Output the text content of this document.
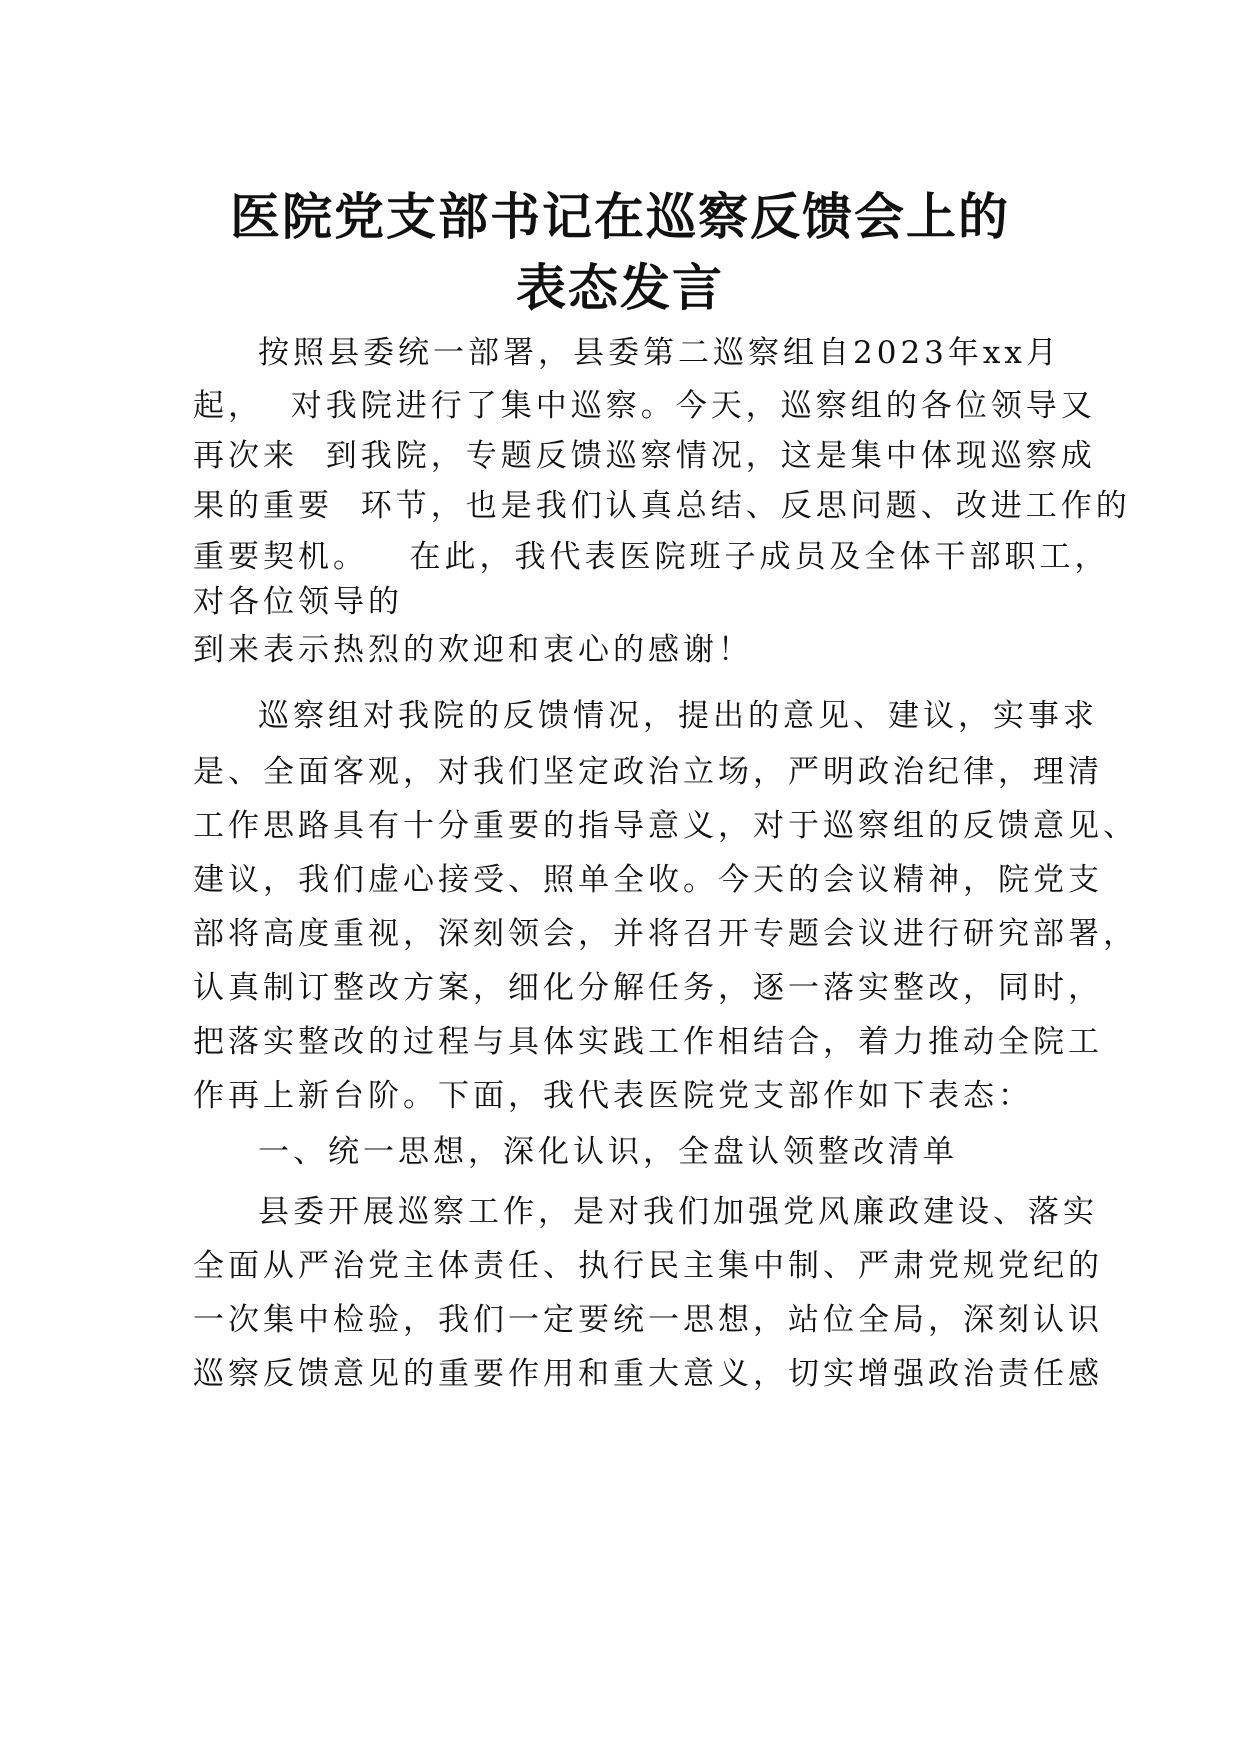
医院党支部书记在巡察反馈会上的
表态发言
按照县委统一部署，县委第二巡察组自2023年xx月
起，  对我院进行了集中巡察。今天，巡察组的各位领导又
再次来  到我院，专题反馈巡察情况，这是集中体现巡察成
果的重要  环节，也是我们认真总结、反思问题、改进工作的
重要契机。   在此，我代表医院班子成员及全体干部职工，
对各位领导的
到来表示热烈的欢迎和衷心的感谢！
巡察组对我院的反馈情况，提出的意见、建议，实事求
是、全面客观，对我们坚定政治立场，严明政治纪律，理清
工作思路具有十分重要的指导意义，对于巡察组的反馈意见、
建议，我们虚心接受、照单全收。今天的会议精神，院党支
部将高度重视，深刻领会，并将召开专题会议进行研究部署，
认真制订整改方案，细化分解任务，逐一落实整改，同时，
把落实整改的过程与具体实践工作相结合，着力推动全院工
作再上新台阶。下面，我代表医院党支部作如下表态：
一、统一思想，深化认识，全盘认领整改清单
县委开展巡察工作，是对我们加强党风廉政建设、落实
全面从严治党主体责任、执行民主集中制、严肃党规党纪的
一次集中检验，我们一定要统一思想，站位全局，深刻认识
巡察反馈意见的重要作用和重大意义，切实增强政治责任感
